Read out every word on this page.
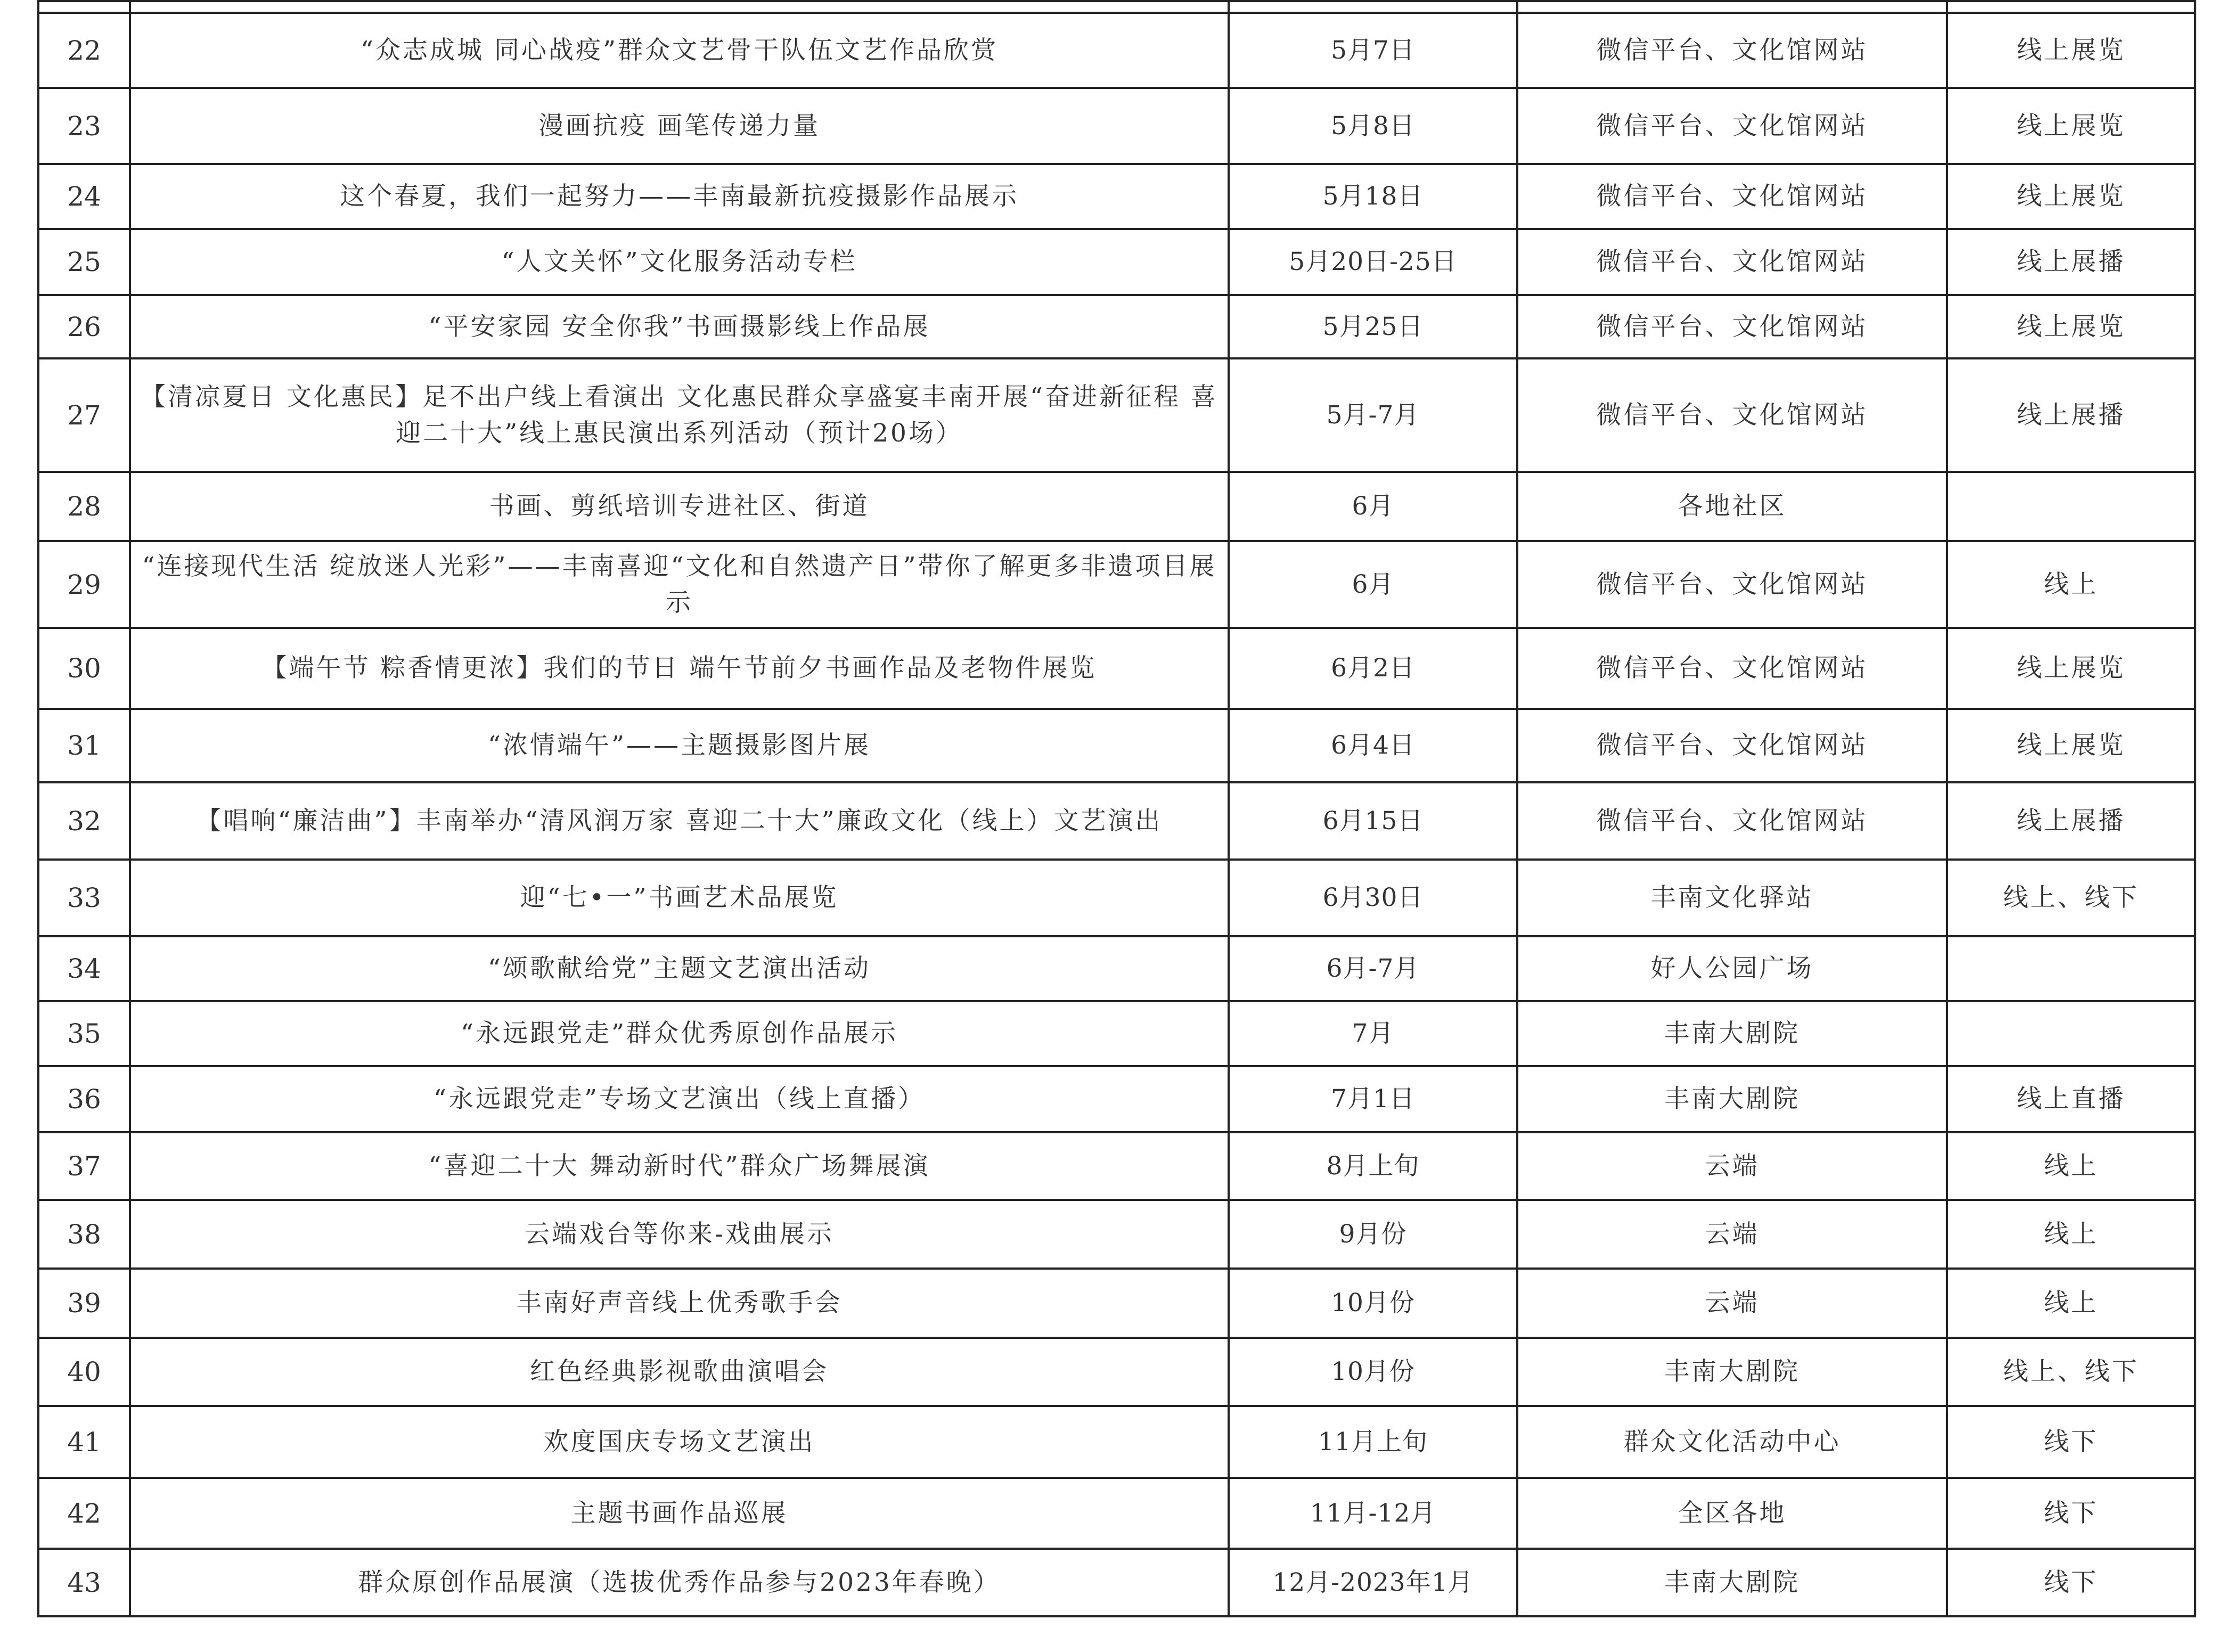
22	“众志成城 同心战疫”群众文艺骨干队伍文艺作品欣赏	5月7日	微信平台、文化馆网站	线上展览
23	漫画抗疫 画笔传递力量	5月8日	微信平台、文化馆网站	线上展览
24	这个春夏，我们一起努力——丰南最新抗疫摄影作品展示	5月18日	微信平台、文化馆网站	线上展览
25	“人文关怀”文化服务活动专栏	5月20日-25日	微信平台、文化馆网站	线上展播
26	“平安家园 安全你我”书画摄影线上作品展	5月25日	微信平台、文化馆网站	线上展览
27	【清凉夏日 文化惠民】足不出户线上看演出 文化惠民群众享盛宴丰南开展“奋进新征程 喜迎二十大”线上惠民演出系列活动（预计20场）	5月-7月	微信平台、文化馆网站	线上展播
28	书画、剪纸培训专进社区、街道	6月	各地社区	
29	“连接现代生活 绽放迷人光彩”——丰南喜迎“文化和自然遗产日”带你了解更多非遗项目展示	6月	微信平台、文化馆网站	线上
30	【端午节 粽香情更浓】我们的节日 端午节前夕书画作品及老物件展览	6月2日	微信平台、文化馆网站	线上展览
31	“浓情端午”——主题摄影图片展	6月4日	微信平台、文化馆网站	线上展览
32	【唱响“廉洁曲”】丰南举办“清风润万家 喜迎二十大”廉政文化（线上）文艺演出	6月15日	微信平台、文化馆网站	线上展播
33	迎“七•一”书画艺术品展览	6月30日	丰南文化驿站	线上、线下
34	“颂歌献给党”主题文艺演出活动	6月-7月	好人公园广场	
35	“永远跟党走”群众优秀原创作品展示	7月	丰南大剧院	
36	“永远跟党走”专场文艺演出（线上直播）	7月1日	丰南大剧院	线上直播
37	“喜迎二十大 舞动新时代”群众广场舞展演	8月上旬	云端	线上
38	云端戏台等你来-戏曲展示	9月份	云端	线上
39	丰南好声音线上优秀歌手会	10月份	云端	线上
40	红色经典影视歌曲演唱会	10月份	丰南大剧院	线上、线下
41	欢度国庆专场文艺演出	11月上旬	群众文化活动中心	线下
42	主题书画作品巡展	11月-12月	全区各地	线下
43	群众原创作品展演（选拔优秀作品参与2023年春晚）	12月-2023年1月	丰南大剧院	线下
